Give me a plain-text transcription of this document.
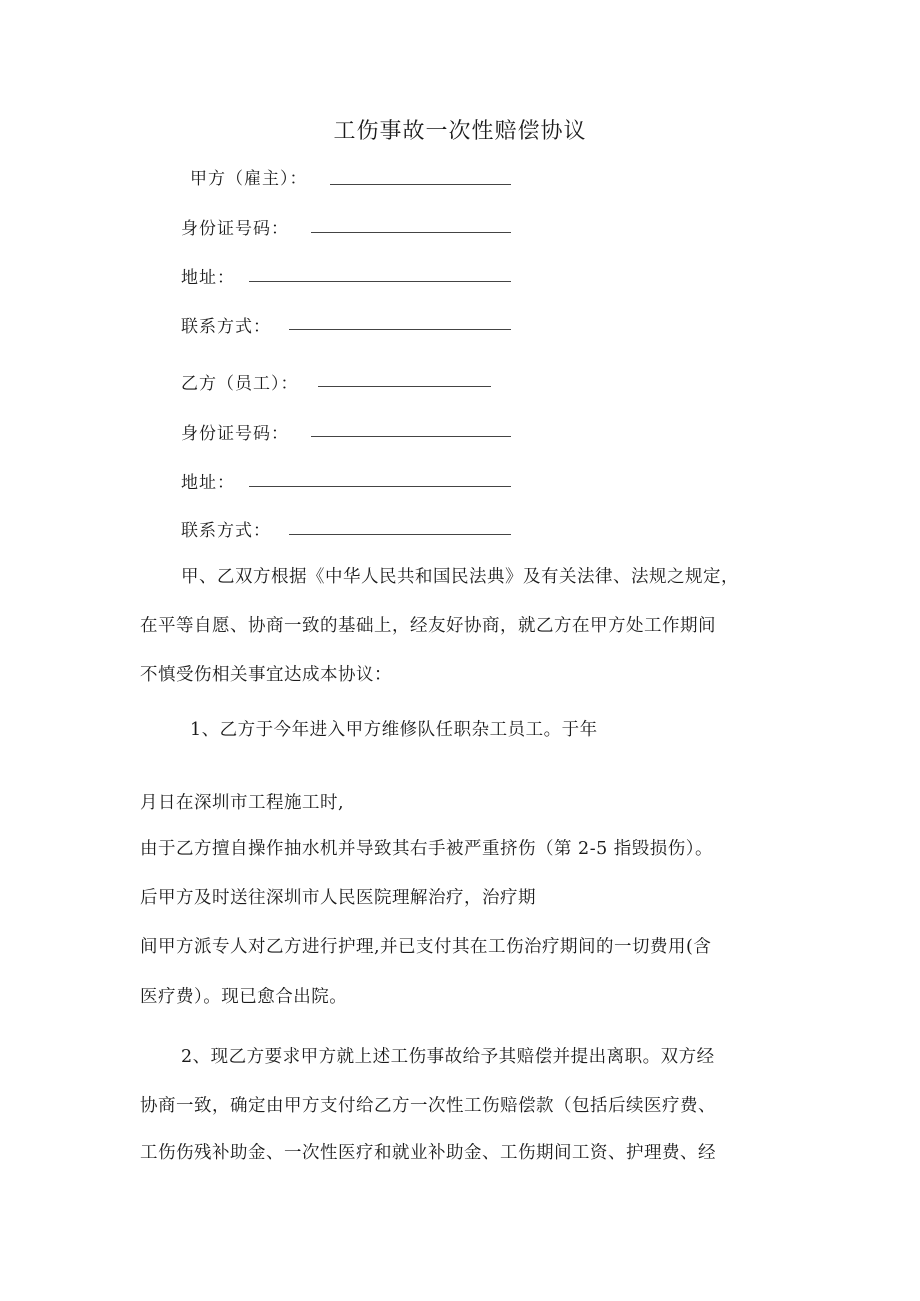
工伤事故一次性赔偿协议
甲方（雇主）：
身份证号码：
地址：
联系方式：
乙方（员工）：
身份证号码：
地址：
联系方式：
甲、乙双方根据《中华人民共和国民法典》及有关法律、法规之规定，
在平等自愿、协商一致的基础上，经友好协商，就乙方在甲方处工作期间
不慎受伤相关事宜达成本协议：
1、乙方于今年进入甲方维修队任职杂工员工。于年
月日在深圳市工程施工时,
由于乙方擅自操作抽水机并导致其右手被严重挤伤（第 2-5 指毁损伤）。
后甲方及时送往深圳市人民医院理解治疗，治疗期
间甲方派专人对乙方进行护理,并已支付其在工伤治疗期间的一切费用(含
医疗费）。现已愈合出院。
2、现乙方要求甲方就上述工伤事故给予其赔偿并提出离职。双方经
协商一致，确定由甲方支付给乙方一次性工伤赔偿款（包括后续医疗费、
工伤伤残补助金、一次性医疗和就业补助金、工伤期间工资、护理费、经
